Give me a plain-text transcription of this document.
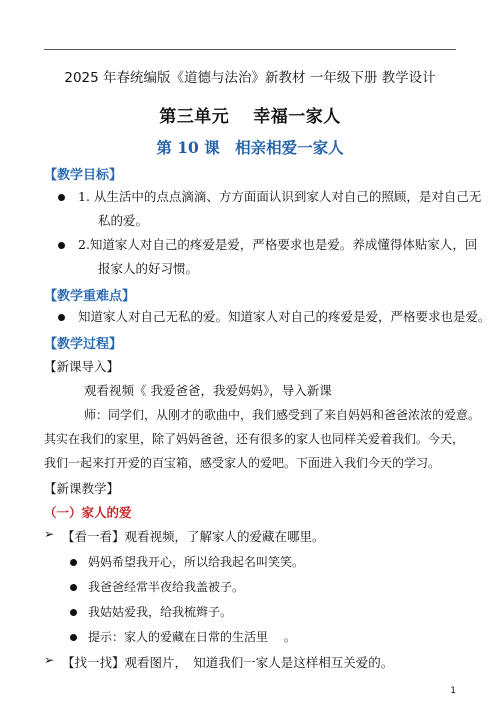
2025 年春统编版《道德与法治》新教材 一年级下册 教学设计
第三单元　 幸福一家人
第 10 课　相亲相爱一家人
【教学目标】
1. 从生活中的点点滴滴、方方面面认识到家人对自己的照顾，是对自己无
私的爱。
2.知道家人对自己的疼爱是爱，严格要求也是爱。养成懂得体贴家人，回
报家人的好习惯。
【教学重难点】
知道家人对自己无私的爱。知道家人对自己的疼爱是爱，严格要求也是爱。
【教学过程】
【新课导入】
观看视频《 我爱爸爸，我爱妈妈》，导入新课
师：同学们，从刚才的歌曲中，我们感受到了来自妈妈和爸爸浓浓的爱意。
其实在我们的家里，除了妈妈爸爸，还有很多的家人也同样关爱着我们。今天，
我们一起来打开爱的百宝箱，感受家人的爱吧。下面进入我们今天的学习。
【新课教学】
（一）家人的爱
➢ 【看一看】观看视频，了解家人的爱藏在哪里。
妈妈希望我开心，所以给我起名叫笑笑。
我爸爸经常半夜给我盖被子。
我姑姑爱我，给我梳辫子。
提示：家人的爱藏在日常的生活里　 。
➢ 【找一找】观看图片，　知道我们一家人是这样相互关爱的。
1
